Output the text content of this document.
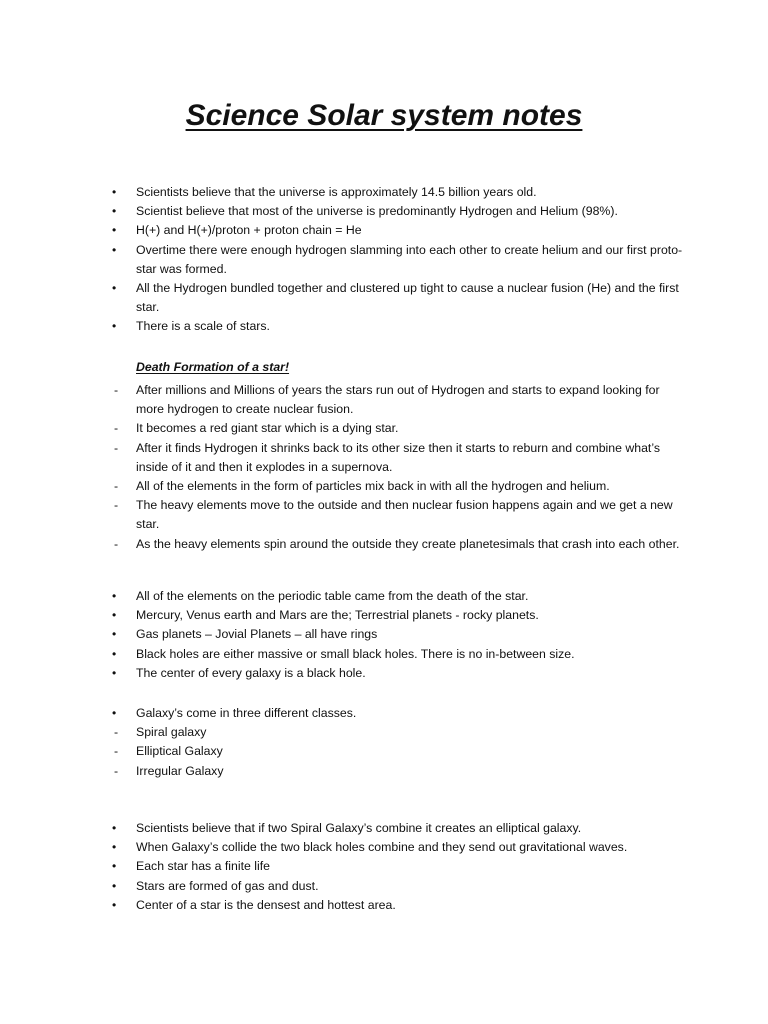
Science Solar system notes
•	Scientists believe that the universe is approximately 14.5 billion years old.
•	Scientist believe that most of the universe is predominantly Hydrogen and Helium (98%).
•	H(+) and H(+)/proton + proton chain = He
•	Overtime there were enough hydrogen slamming into each other to create helium and our first proto-star was formed.
•	All the Hydrogen bundled together and clustered up tight to cause a nuclear fusion (He) and the first star.
•	There is a scale of stars.
Death Formation of a star!
-	After millions and Millions of years the stars run out of Hydrogen and starts to expand looking for more hydrogen to create nuclear fusion.
-	It becomes a red giant star which is a dying star.
-	After it finds Hydrogen it shrinks back to its other size then it starts to reburn and combine what’s inside of it and then it explodes in a supernova.
-	All of the elements in the form of particles mix back in with all the hydrogen and helium.
-	The heavy elements move to the outside and then nuclear fusion happens again and we get a new star.
-	As the heavy elements spin around the outside they create planetesimals that crash into each other.
•	All of the elements on the periodic table came from the death of the star.
•	Mercury, Venus earth and Mars are the; Terrestrial planets - rocky planets.
•	Gas planets – Jovial Planets – all have rings
•	Black holes are either massive or small black holes. There is no in-between size.
•	The center of every galaxy is a black hole.
•	Galaxy’s come in three different classes.
-	Spiral galaxy
-	Elliptical Galaxy
-	Irregular Galaxy
•	Scientists believe that if two Spiral Galaxy’s combine it creates an elliptical galaxy.
•	When Galaxy’s collide the two black holes combine and they send out gravitational waves.
•	Each star has a finite life
•	Stars are formed of gas and dust.
•	Center of a star is the densest and hottest area.
